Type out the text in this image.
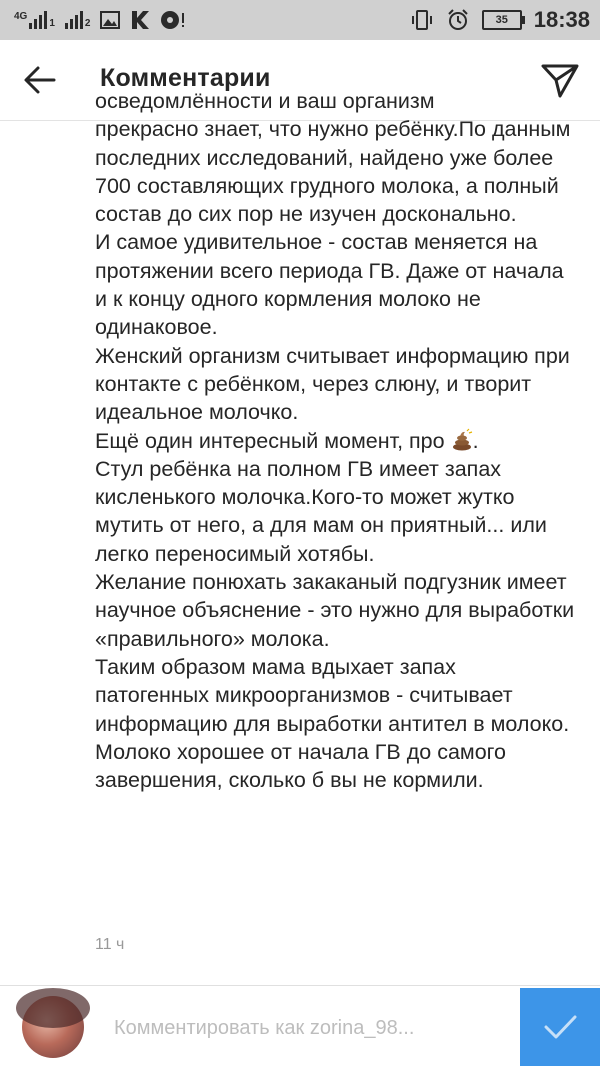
4G
1	2	35	18:38
Комментарии

осведомлённости и ваш организм

прекрасно знает, что нужно ребёнку.По данным последних исследований, найдено уже более 700 составляющих грудного молока, а полный состав до сих пор не изучен досконально.

И самое удивительное - состав меняется на протяжении всего периода ГВ. Даже от начала и к концу одного кормления молоко не одинаковое.

Женский организм считывает информацию при контакте с ребёнком, через слюну, и творит идеальное молочко.

Ещё один интересный момент, про .

Стул ребёнка на полном ГВ имеет запах кисленького молочка.Кого-то может жутко мутить от него, а для мам он приятный... или легко переносимый хотябы.

Желание понюхать закаканый подгузник имеет научное объяснение - это нужно для выработки «правильного» молока.

Таким образом мама вдыхает запах патогенных микроорганизмов - считывает информацию для выработки антител в молоко.

Молоко хорошее от начала ГВ до самого завершения, сколько б вы не кормили.

11 ч
Комментировать как zorina_98...
